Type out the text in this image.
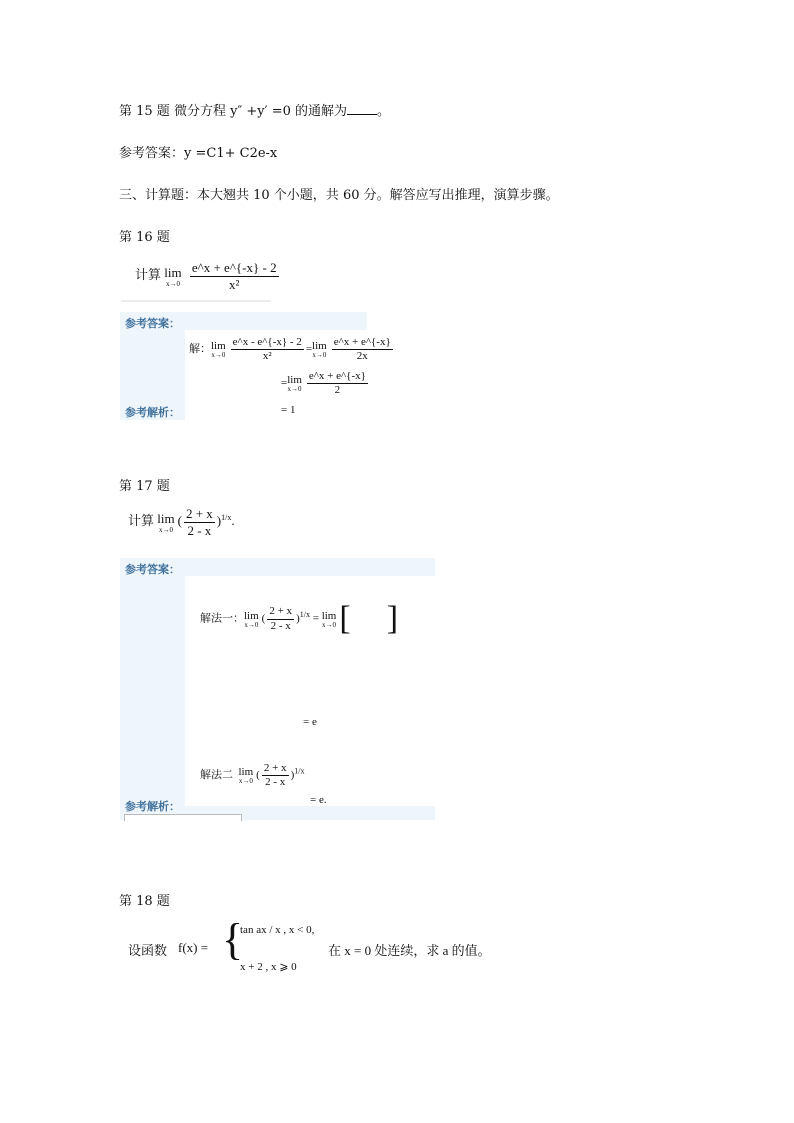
第 15 题 微分方程 y″ +y′ =0 的通解为 。
参考答案：y =C1+ C2e-x
三、计算题：本大翘共 10 个小题，共 60 分。解答应写出推理，演算步骤。
第 16 题
计算 lim
x→0
$\frac{e\^{}x + e\^{}\{-x\} - 2}{\text{x²}}$
参考答案：
解： lim
$x\to 0 \frac{e\^{}x - e\^{}\{-x\} - 2}{\text{x²}} = \lim$
$x\to 0 \frac{e\^{}x + e\^{}\{-x\}}{2x}$
= lim
$x\to 0 \frac{e\^{}x + e\^{}\{-x\}}{2}$
= 1
参考解析：
第 17 题
计算 lim
x→0
( $\frac{2 + x}{2 - x} )^{1/x}$.
参考答案：
解法一： lim
x→0 ( $\frac{2 + x}{2 - x} )^{1/x} = \lim$
x→0 [ ]
= e
解法二 lim
x→0 ( $\frac{2 + x}{2 - x} )^{1/x}$
= e.
参考解析：
第 18 题
设函数 f(x) = {
tan ax / x , x < 0,
x + 2 , x ⩾ 0
在 x = 0 处连续，求 a 的值。
